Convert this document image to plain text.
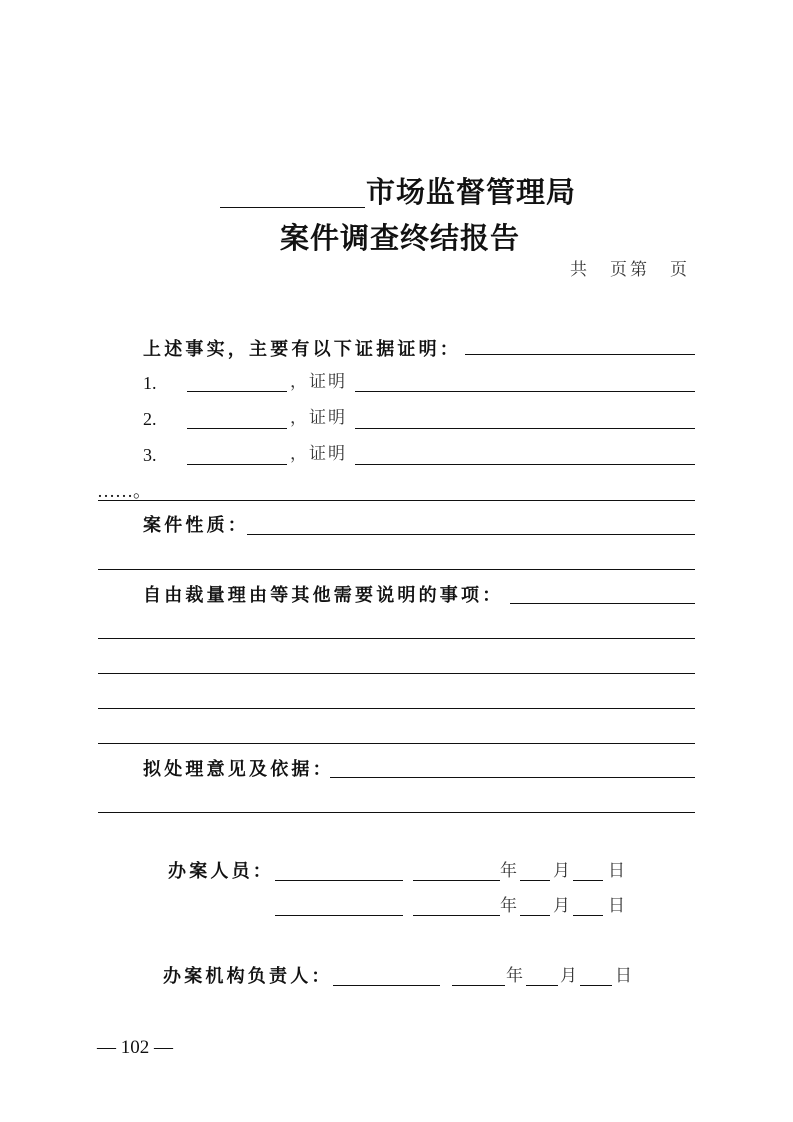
市场监督管理局
案件调查终结报告
共　页第　页
上述事实，主要有以下证据证明：
1.	，证明
2.	，证明
3.	，证明
……。
案件性质：
自由裁量理由等其他需要说明的事项：
拟处理意见及依据：
办案人员：	年 月 日
年 月 日
办案机构负责人：	年 月 日
— 102 —
